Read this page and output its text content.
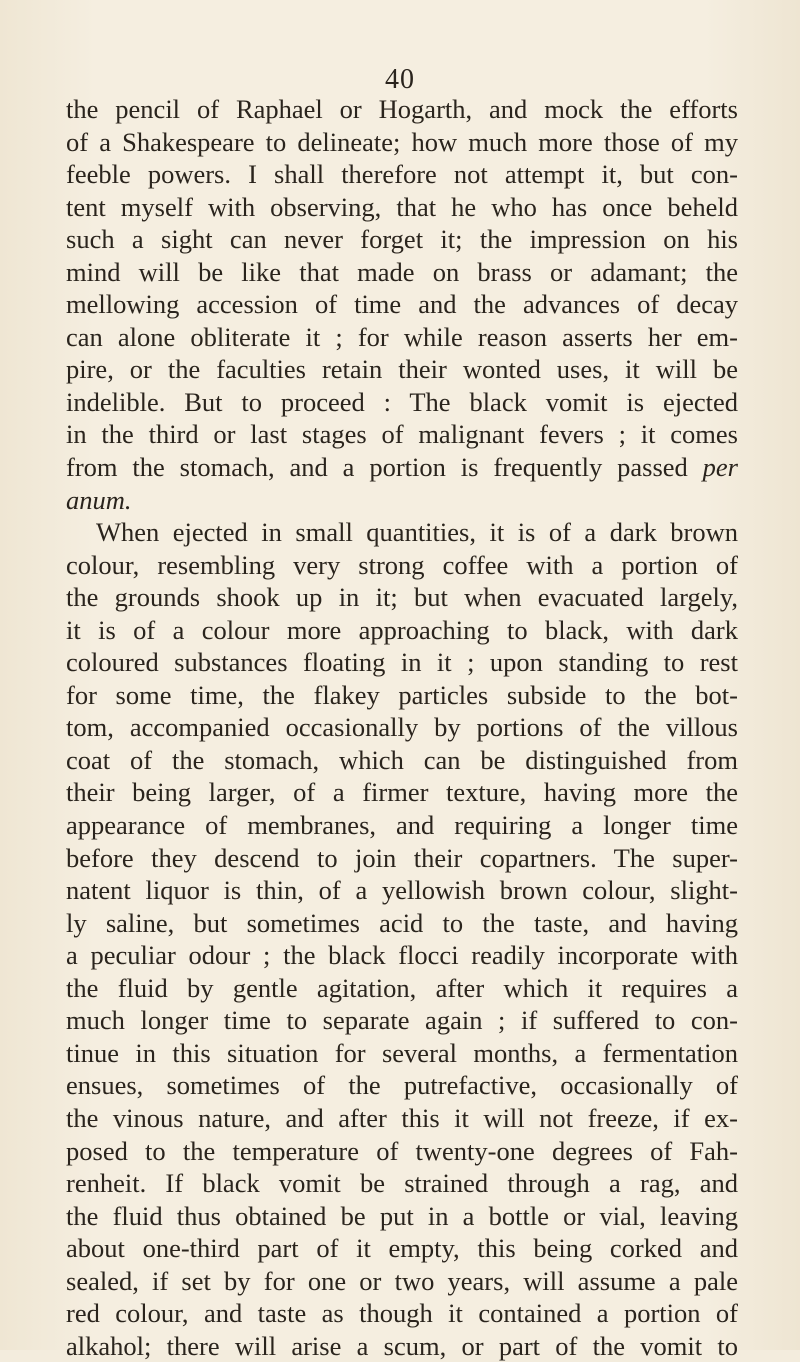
40
the pencil of Raphael or Hogarth, and mock the efforts
of a Shakespeare to delineate; how much more those of my
feeble powers. I shall therefore not attempt it, but con-
tent myself with observing, that he who has once beheld
such a sight can never forget it; the impression on his
mind will be like that made on brass or adamant; the
mellowing accession of time and the advances of decay
can alone obliterate it ; for while reason asserts her em-
pire, or the faculties retain their wonted uses, it will be
indelible. But to proceed : The black vomit is ejected
in the third or last stages of malignant fevers ; it comes
from the stomach, and a portion is frequently passed per
anum.
When ejected in small quantities, it is of a dark brown
colour, resembling very strong coffee with a portion of
the grounds shook up in it; but when evacuated largely,
it is of a colour more approaching to black, with dark
coloured substances floating in it ; upon standing to rest
for some time, the flakey particles subside to the bot-
tom, accompanied occasionally by portions of the villous
coat of the stomach, which can be distinguished from
their being larger, of a firmer texture, having more the
appearance of membranes, and requiring a longer time
before they descend to join their copartners. The super-
natent liquor is thin, of a yellowish brown colour, slight-
ly saline, but sometimes acid to the taste, and having
a peculiar odour ; the black flocci readily incorporate with
the fluid by gentle agitation, after which it requires a
much longer time to separate again ; if suffered to con-
tinue in this situation for several months, a fermentation
ensues, sometimes of the putrefactive, occasionally of
the vinous nature, and after this it will not freeze, if ex-
posed to the temperature of twenty-one degrees of Fah-
renheit. If black vomit be strained through a rag, and
the fluid thus obtained be put in a bottle or vial, leaving
about one-third part of it empty, this being corked and
sealed, if set by for one or two years, will assume a pale
red colour, and taste as though it contained a portion of
alkahol; there will arise a scum, or part of the vomit to
